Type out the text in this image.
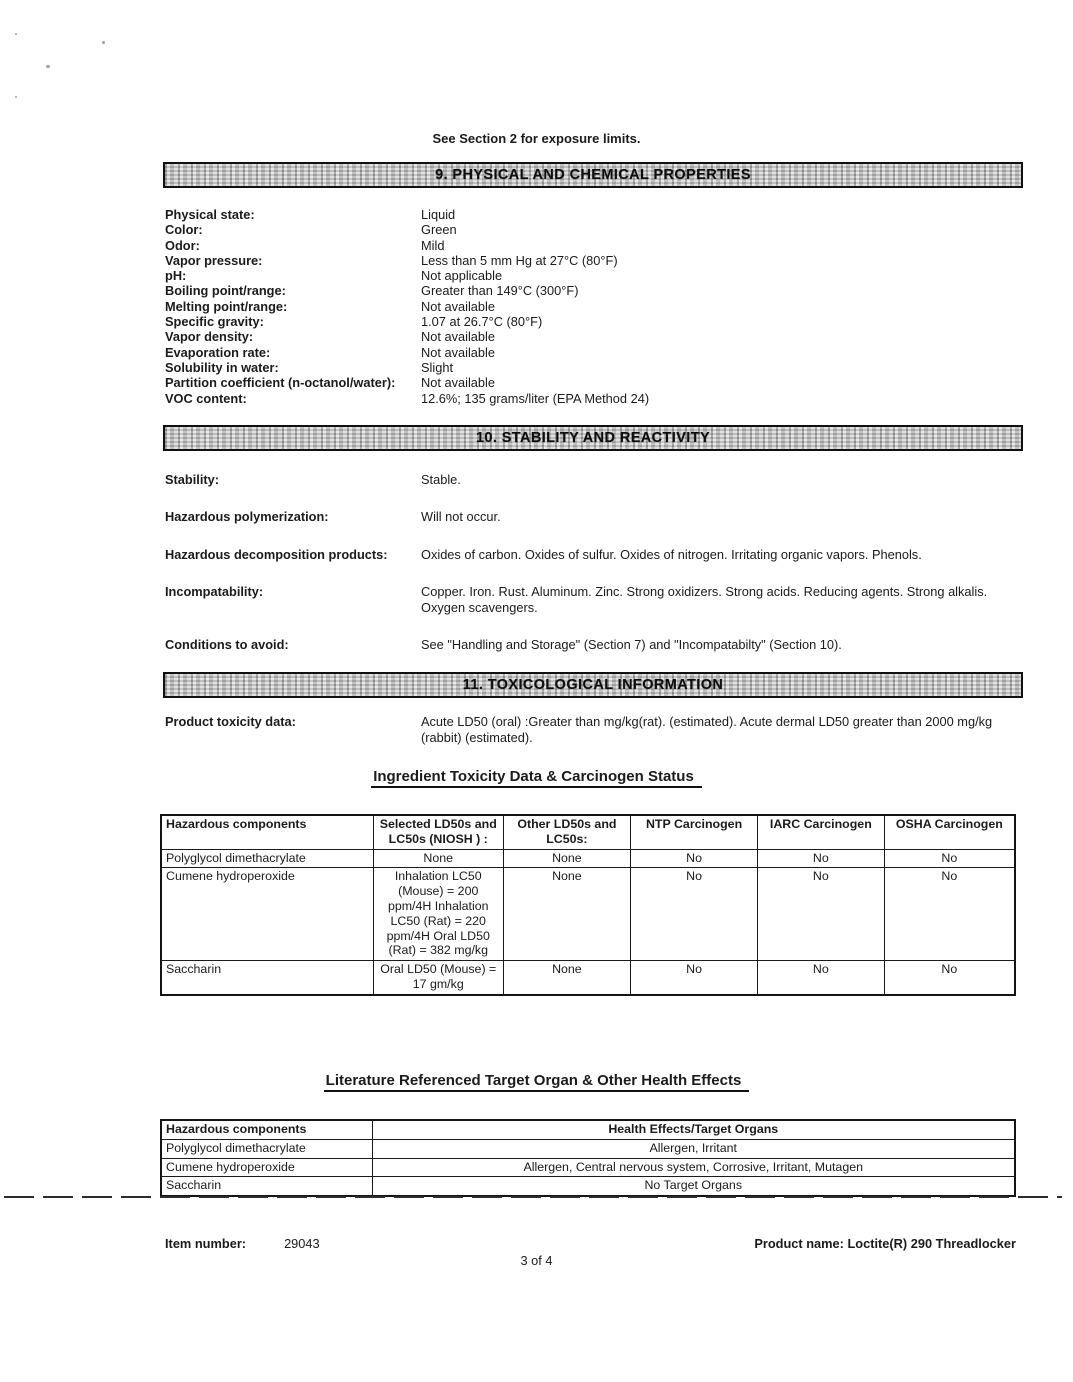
See Section 2 for exposure limits.
9. PHYSICAL AND CHEMICAL PROPERTIES
Physical state:	Liquid
Color:	Green
Odor:	Mild
Vapor pressure:	Less than 5 mm Hg at 27°C (80°F)
pH:	Not applicable
Boiling point/range:	Greater than 149°C (300°F)
Melting point/range:	Not available
Specific gravity:	1.07 at 26.7°C (80°F)
Vapor density:	Not available
Evaporation rate:	Not available
Solubility in water:	Slight
Partition coefficient (n-octanol/water):	Not available
VOC content:	12.6%; 135 grams/liter (EPA Method 24)
10. STABILITY AND REACTIVITY
Stability:	Stable.
Hazardous polymerization:	Will not occur.
Hazardous decomposition products:	Oxides of carbon. Oxides of sulfur. Oxides of nitrogen. Irritating organic vapors. Phenols.
Incompatability:	Copper. Iron. Rust. Aluminum. Zinc. Strong oxidizers. Strong acids. Reducing agents. Strong alkalis. Oxygen scavengers.
Conditions to avoid:	See "Handling and Storage" (Section 7) and "Incompatabilty" (Section 10).
11. TOXICOLOGICAL INFORMATION
Product toxicity data:	Acute LD50 (oral) :Greater than mg/kg(rat). (estimated). Acute dermal LD50 greater than 2000 mg/kg (rabbit) (estimated).
Ingredient Toxicity Data & Carcinogen Status
Hazardous components	Selected LD50s and LC50s (NIOSH ) :	Other LD50s and LC50s:	NTP Carcinogen	IARC Carcinogen	OSHA Carcinogen
Polyglycol dimethacrylate	None	None	No	No	No
Cumene hydroperoxide	Inhalation LC50 (Mouse) = 200 ppm/4H Inhalation LC50 (Rat) = 220 ppm/4H Oral LD50 (Rat) = 382 mg/kg	None	No	No	No
Saccharin	Oral LD50 (Mouse) = 17 gm/kg	None	No	No	No
Literature Referenced Target Organ & Other Health Effects
Hazardous components	Health Effects/Target Organs
Polyglycol dimethacrylate	Allergen, Irritant
Cumene hydroperoxide	Allergen, Central nervous system, Corrosive, Irritant, Mutagen
Saccharin	No Target Organs
Item number:	29043	Product name: Loctite(R) 290 Threadlocker
3 of 4
